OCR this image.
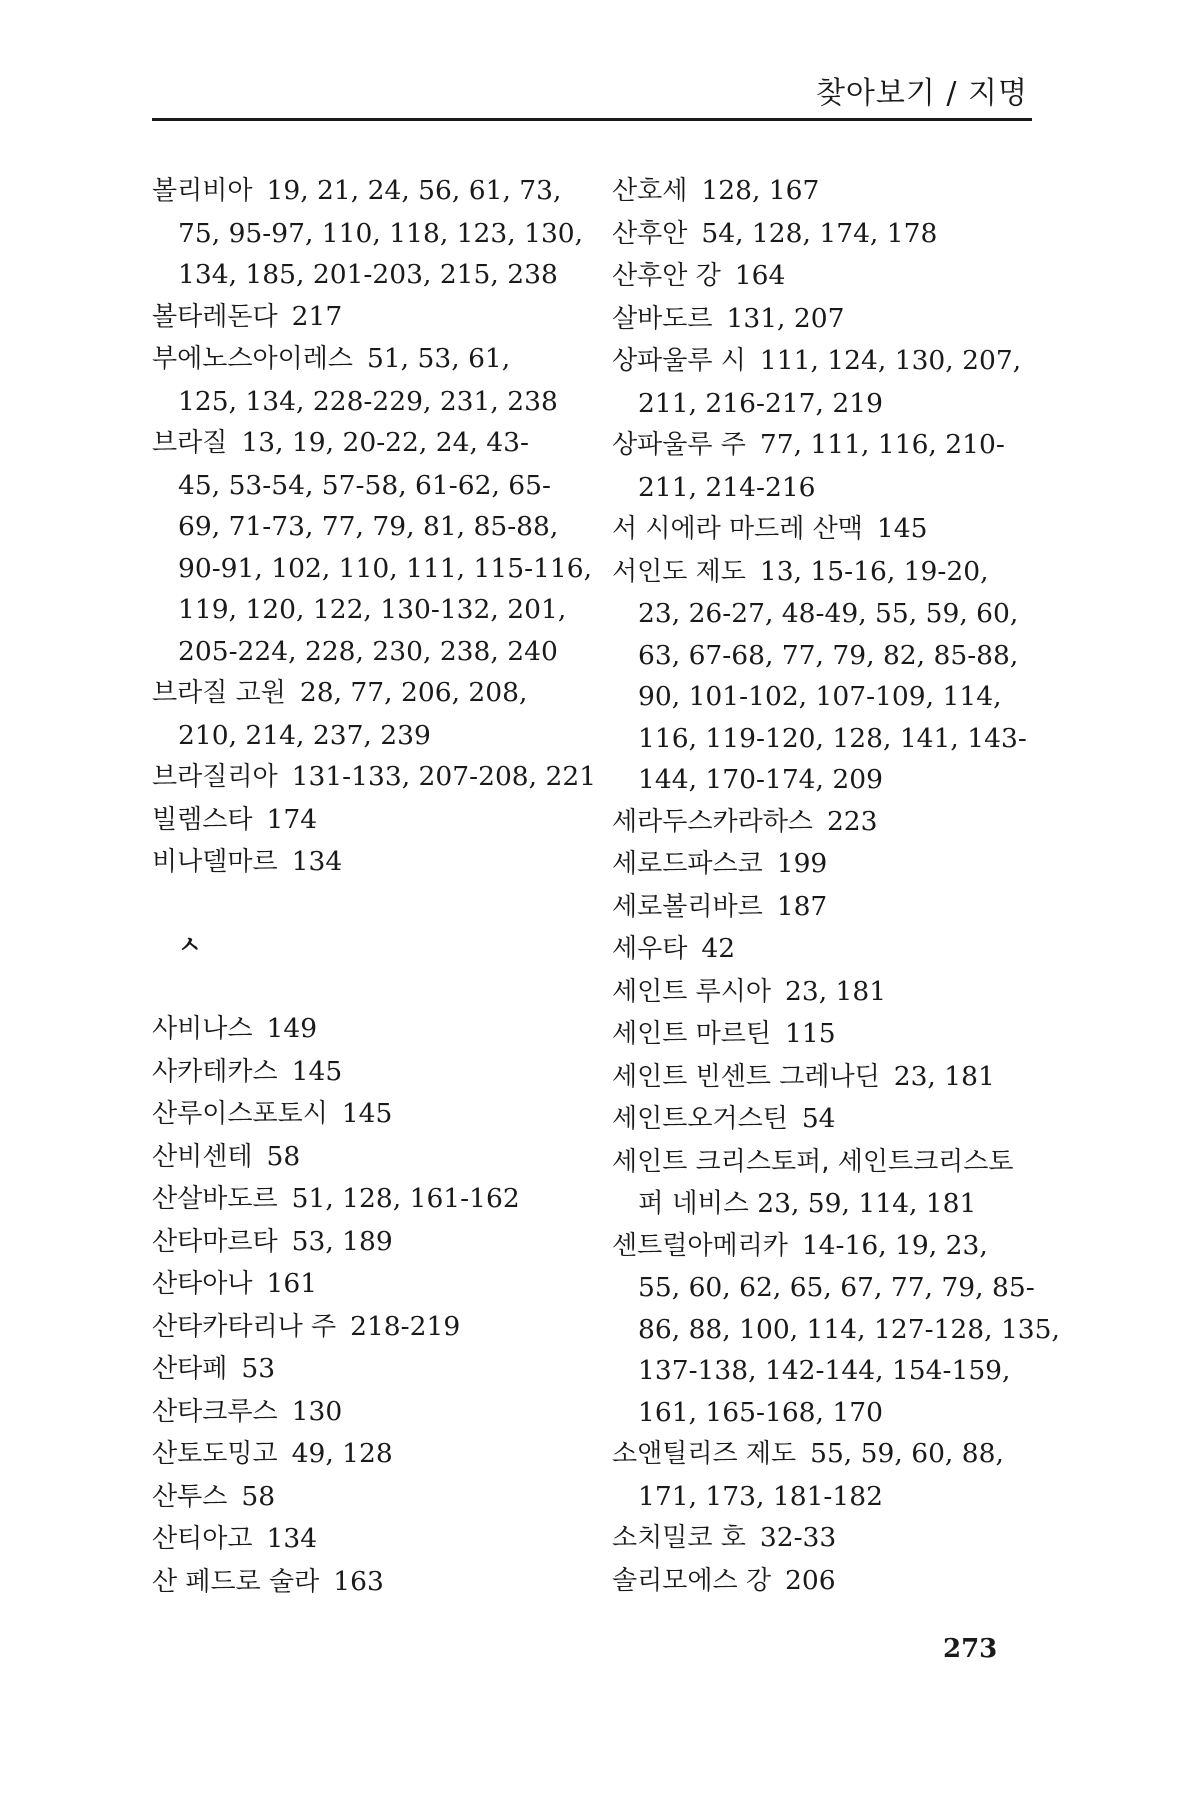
찾아보기 / 지명
볼리비아 19, 21, 24, 56, 61, 73,
75, 95-97, 110, 118, 123, 130,
134, 185, 201-203, 215, 238
볼타레돈다 217
부에노스아이레스 51, 53, 61,
125, 134, 228-229, 231, 238
브라질 13, 19, 20-22, 24, 43-
45, 53-54, 57-58, 61-62, 65-
69, 71-73, 77, 79, 81, 85-88,
90-91, 102, 110, 111, 115-116,
119, 120, 122, 130-132, 201,
205-224, 228, 230, 238, 240
브라질 고원 28, 77, 206, 208,
210, 214, 237, 239
브라질리아 131-133, 207-208, 221
빌렘스타 174
비나델마르 134
ㅅ
사비나스 149
사카테카스 145
산루이스포토시 145
산비센테 58
산살바도르 51, 128, 161-162
산타마르타 53, 189
산타아나 161
산타카타리나 주 218-219
산타페 53
산타크루스 130
산토도밍고 49, 128
산투스 58
산티아고 134
산 페드로 술라 163
산호세 128, 167
산후안 54, 128, 174, 178
산후안 강 164
살바도르 131, 207
상파울루 시 111, 124, 130, 207,
211, 216-217, 219
상파울루 주 77, 111, 116, 210-
211, 214-216
서 시에라 마드레 산맥 145
서인도 제도 13, 15-16, 19-20,
23, 26-27, 48-49, 55, 59, 60,
63, 67-68, 77, 79, 82, 85-88,
90, 101-102, 107-109, 114,
116, 119-120, 128, 141, 143-
144, 170-174, 209
세라두스카라하스 223
세로드파스코 199
세로볼리바르 187
세우타 42
세인트 루시아 23, 181
세인트 마르틴 115
세인트 빈센트 그레나딘 23, 181
세인트오거스틴 54
세인트 크리스토퍼, 세인트크리스토
퍼 네비스 23, 59, 114, 181
센트럴아메리카 14-16, 19, 23,
55, 60, 62, 65, 67, 77, 79, 85-
86, 88, 100, 114, 127-128, 135,
137-138, 142-144, 154-159,
161, 165-168, 170
소앤틸리즈 제도 55, 59, 60, 88,
171, 173, 181-182
소치밀코 호 32-33
솔리모에스 강 206
273
